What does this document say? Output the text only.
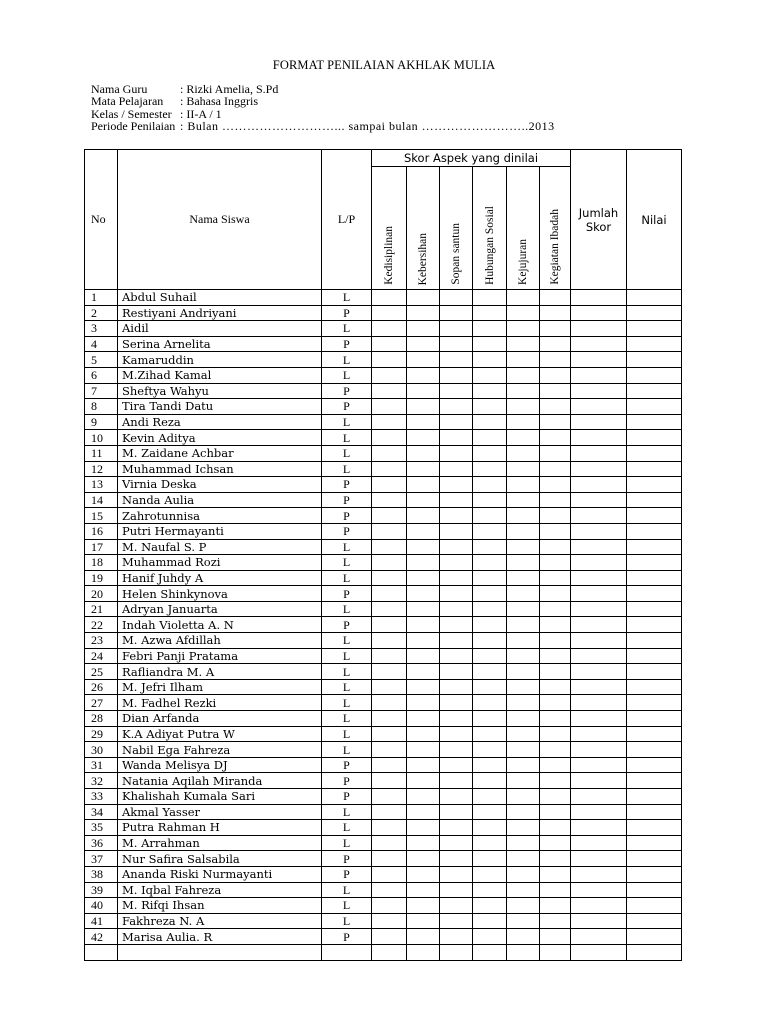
FORMAT PENILAIAN AKHLAK MULIA
Nama Guru	: Rizki Amelia, S.Pd
Mata Pelajaran : Bahasa Inggris
Kelas / Semester : II-A / 1
Periode Penilaian : Bulan ………………………... sampai bulan ……………………..2013
No	Nama Siswa	L/P	Skor Aspek yang dinilai						Jumlah Skor	Nilai
			Kedisiplinan	Kebersihan	Sopan santun	Hubungan Sosial	Kejujuran	Kegiatan Ibadah		
1	Abdul Suhail	L								
2	Restiyani Andriyani	P								
3	Aidil	L								
4	Serina Arnelita	P								
5	Kamaruddin	L								
6	M.Zihad Kamal	L								
7	Sheftya Wahyu	P								
8	Tira Tandi Datu	P								
9	Andi Reza	L								
10	Kevin Aditya	L								
11	M. Zaidane Achbar	L								
12	Muhammad Ichsan	L								
13	Virnia Deska	P								
14	Nanda Aulia	P								
15	Zahrotunnisa	P								
16	Putri Hermayanti	P								
17	M. Naufal S. P	L								
18	Muhammad Rozi	L								
19	Hanif Juhdy A	L								
20	Helen Shinkynova	P								
21	Adryan Januarta	L								
22	Indah Violetta A. N	P								
23	M. Azwa Afdillah	L								
24	Febri Panji Pratama	L								
25	Rafliandra M. A	L								
26	M. Jefri Ilham	L								
27	M. Fadhel Rezki	L								
28	Dian Arfanda	L								
29	K.A Adiyat Putra W	L								
30	Nabil Ega Fahreza	L								
31	Wanda Melisya DJ	P								
32	Natania Aqilah Miranda	P								
33	Khalishah Kumala Sari	P								
34	Akmal Yasser	L								
35	Putra Rahman H	L								
36	M. Arrahman	L								
37	Nur Safira Salsabila	P								
38	Ananda Riski Nurmayanti	P								
39	M. Iqbal Fahreza	L								
40	M. Rifqi Ihsan	L								
41	Fakhreza N. A	L								
42	Marisa Aulia. R	P								
